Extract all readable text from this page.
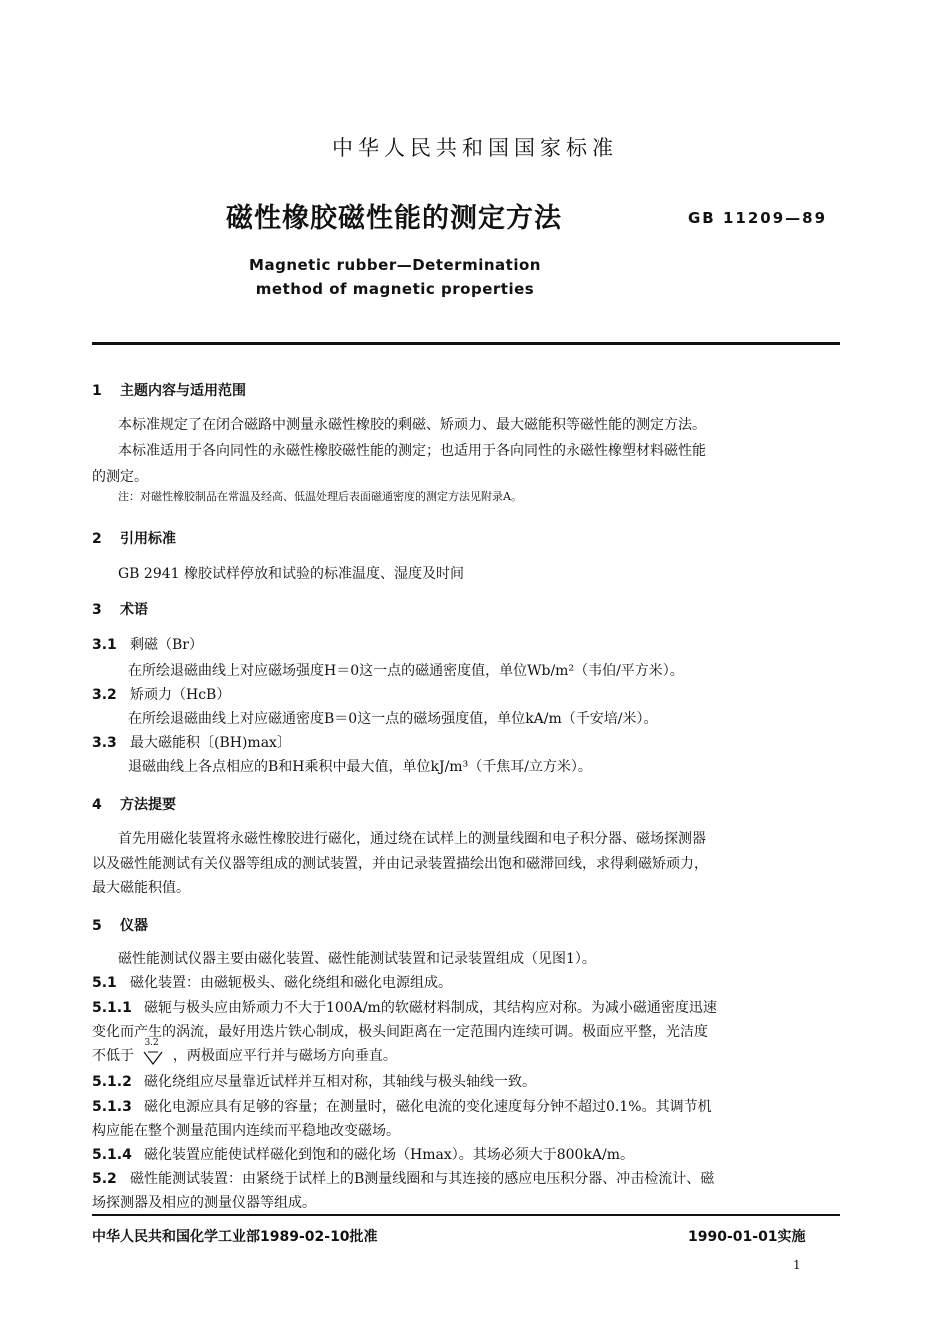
中华人民共和国国家标准
磁性橡胶磁性能的测定方法	GB 11209—89
Magnetic rubber—Determination
method of magnetic properties
1 主题内容与适用范围
本标准规定了在闭合磁路中测量永磁性橡胶的剩磁、矫顽力、最大磁能积等磁性能的测定方法。
本标准适用于各向同性的永磁性橡胶磁性能的测定；也适用于各向同性的永磁性橡塑材料磁性能
的测定。
注：对磁性橡胶制品在常温及经高、低温处理后表面磁通密度的测定方法见附录A。
2 引用标准
GB 2941 橡胶试样停放和试验的标准温度、湿度及时间
3 术语
3.1 剩磁（Br）
在所绘退磁曲线上对应磁场强度H＝0这一点的磁通密度值，单位Wb/m²（韦伯/平方米）。
3.2 矫顽力（HcB）
在所绘退磁曲线上对应磁通密度B＝0这一点的磁场强度值，单位kA/m（千安培/米）。
3.3 最大磁能积〔(BH)max〕
退磁曲线上各点相应的B和H乘积中最大值，单位kJ/m³（千焦耳/立方米）。
4 方法提要
首先用磁化装置将永磁性橡胶进行磁化，通过绕在试样上的测量线圈和电子积分器、磁场探测器
以及磁性能测试有关仪器等组成的测试装置，并由记录装置描绘出饱和磁滞回线，求得剩磁矫顽力，
最大磁能积值。
5 仪器
磁性能测试仪器主要由磁化装置、磁性能测试装置和记录装置组成（见图1）。
5.1 磁化装置：由磁轭极头、磁化绕组和磁化电源组成。
5.1.1 磁轭与极头应由矫顽力不大于100A/m的软磁材料制成，其结构应对称。为减小磁通密度迅速
变化而产生的涡流，最好用迭片铁心制成，极头间距离在一定范围内连续可调。极面应平整，光洁度
不低于
3.2
，两极面应平行并与磁场方向垂直。
5.1.2 磁化绕组应尽量靠近试样并互相对称，其轴线与极头轴线一致。
5.1.3 磁化电源应具有足够的容量；在测量时，磁化电流的变化速度每分钟不超过0.1%。其调节机
构应能在整个测量范围内连续而平稳地改变磁场。
5.1.4 磁化装置应能使试样磁化到饱和的磁化场（Hmax）。其场必须大于800kA/m。
5.2 磁性能测试装置：由紧绕于试样上的B测量线圈和与其连接的感应电压积分器、冲击检流计、磁
场探测器及相应的测量仪器等组成。
中华人民共和国化学工业部1989-02-10批准	1990-01-01实施
1
